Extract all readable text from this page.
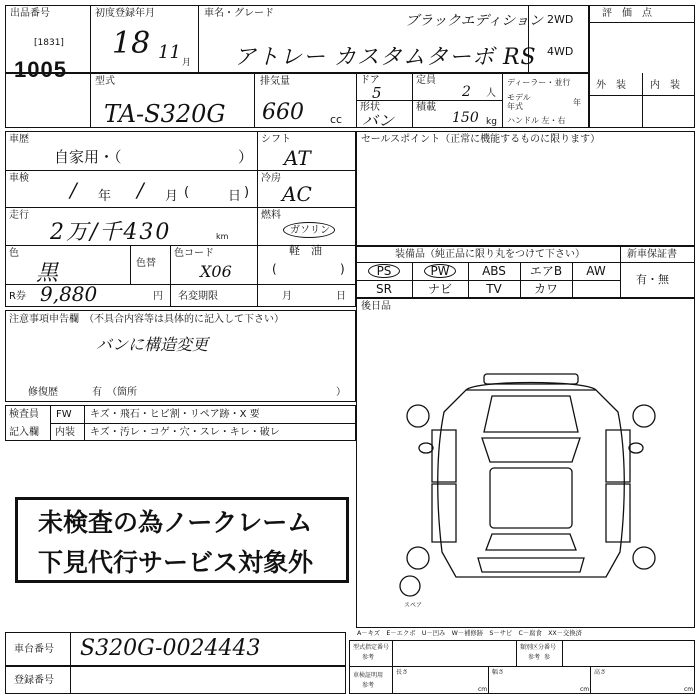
出品番号
[1831]
1005
初度登録年月
18 11 月
車名・グレード
アトレー カスタムターボ RS
ブラックエディション 2WD
4WD
評　価　点
型式
TA-S320G
排気量
660 cc
ドア
5
定員
2 人
形状
バン
積載
150 kg
ディーラー・並行
モデル年式	年
ハンドル 左・右
外　装 内　装
車歴
自家用・（	）
シフト
AT
車検 / 年 / 月 (	日 )
冷房
AC
走行
2万/千430	km
燃料
ガソリン
軽　油
(	)
色
黒	色替
色コード
X06
R券 9,880	円 名変期限	月	日
セールスポイント（正常に機能するものに限ります）
装備品（純正品に限り丸をつけて下さい）	新車保証書
有・無
PS	PW	ABS	エアB	AW
SR	ナビ	TV	カワ
後日品
注意事項申告欄　（不具合内容等は具体的に記入して下さい）
バンに構造変更
修復歴	有　（箇所	）
検査員
記入欄
FW キズ・飛石・ヒビ割・リペア跡・X 要
内装 キズ・汚レ・コゲ・穴・スレ・キレ・破レ
未検査の為ノークレーム
下見代行サービス対象外
スペア
A－キズ　E－エクボ　U－凹み　W－補修跡　S－サビ　C－腐食　XX－交換済
車台番号 S320G-0024443
登録番号
型式指定番号
参考
類別区分番号
参考 参
車検証明用
参考
長さ
cm
幅さ
cm
高さ
cm
